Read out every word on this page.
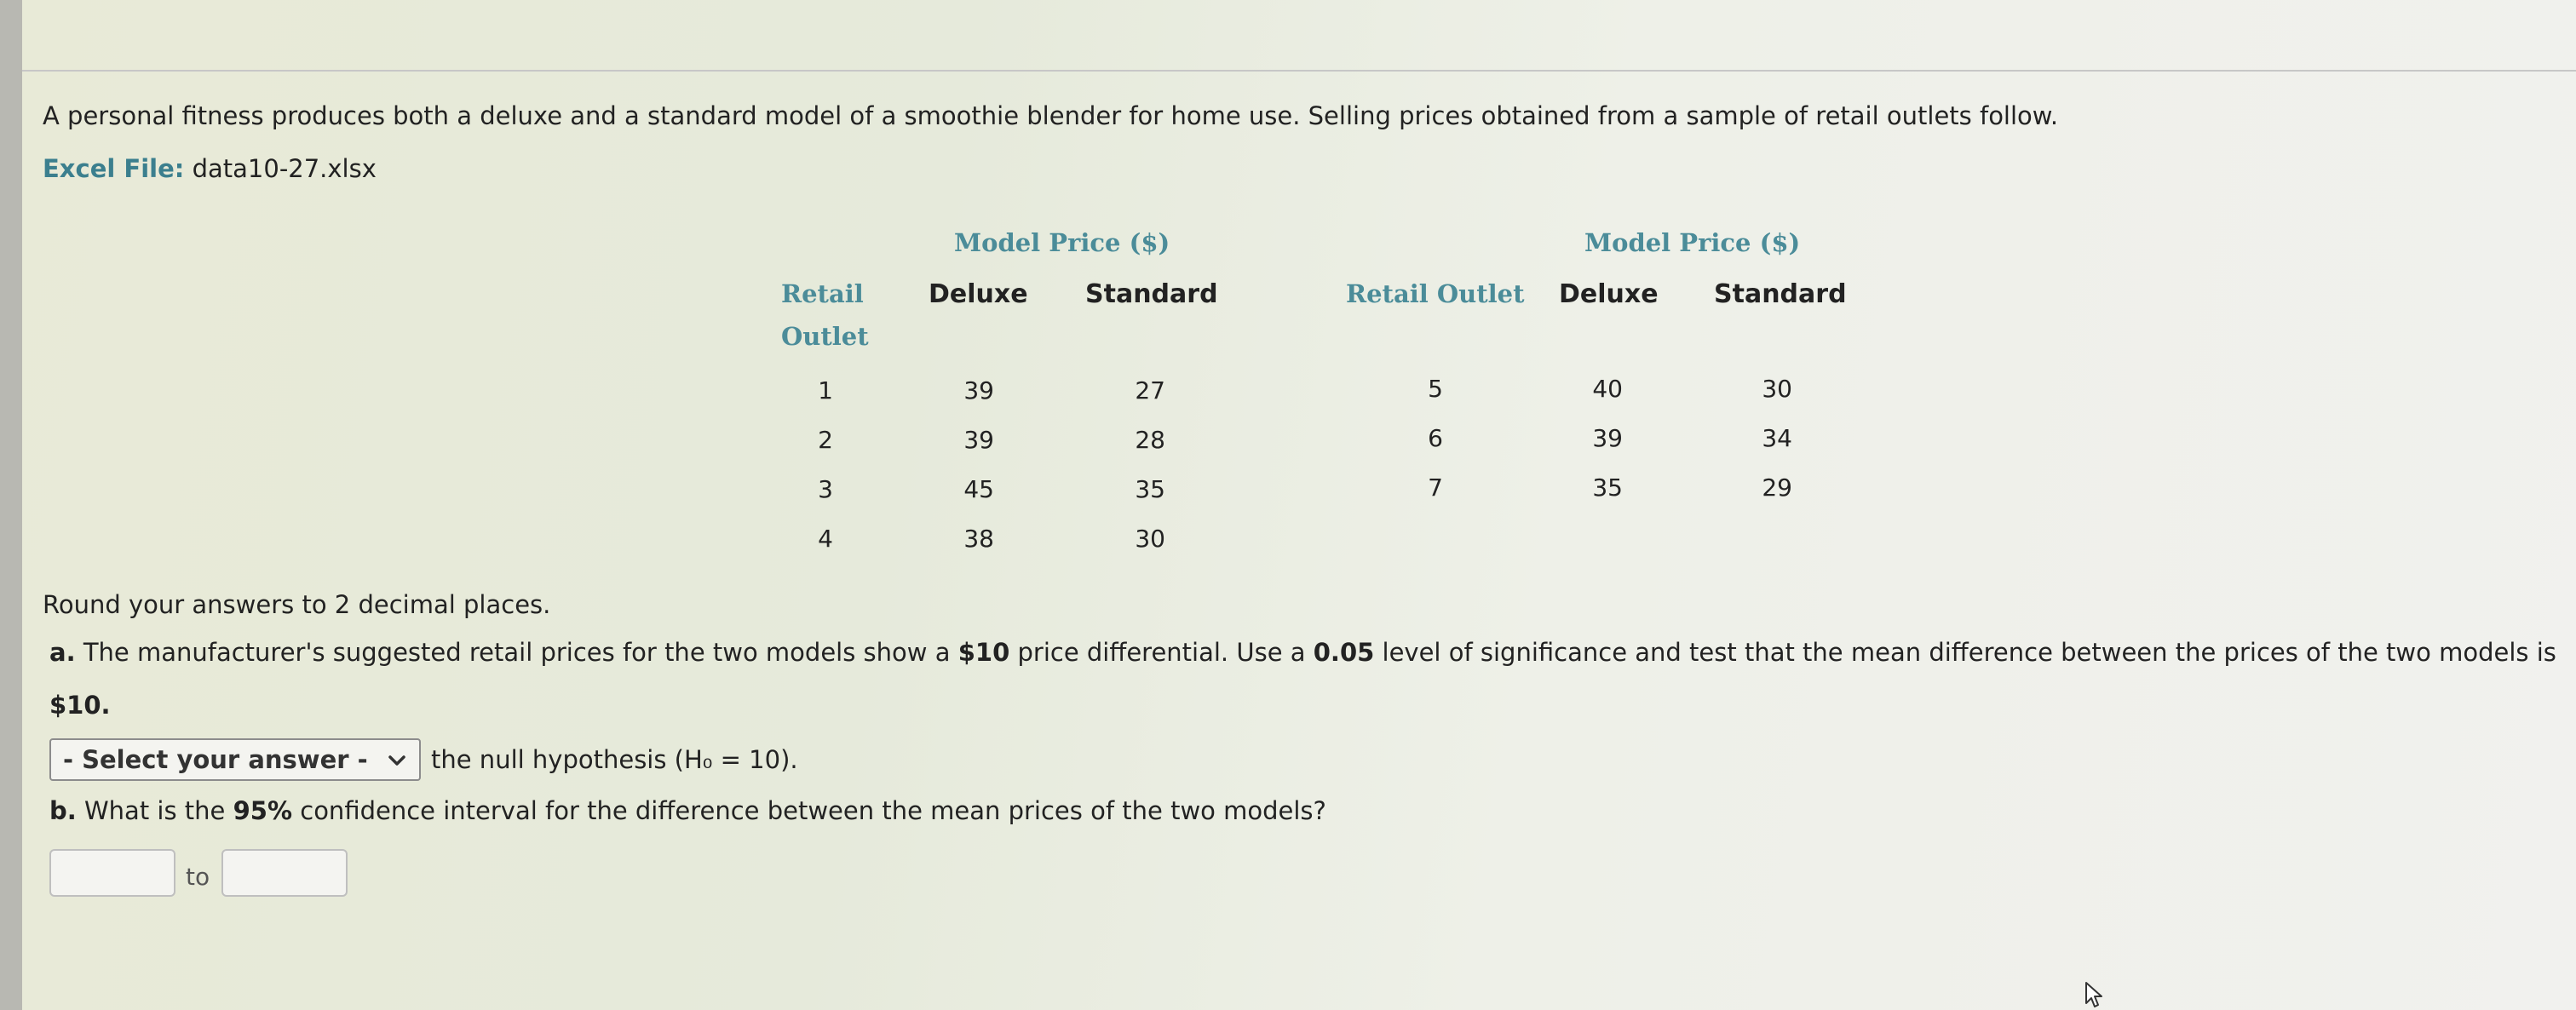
A personal fitness produces both a deluxe and a standard model of a smoothie blender for home use. Selling prices obtained from a sample of retail outlets follow.
Excel File: data10-27.xlsx
Model Price ($)
Retail
Outlet
Deluxe Standard
1	39	27
2	39	28
3	45	35
4	38	30
Model Price ($)
Retail Outlet Deluxe Standard
5	40	30
6	39	34
7	35	29
Round your answers to 2 decimal places.
a. The manufacturer's suggested retail prices for the two models show a $10 price differential. Use a 0.05 level of significance and test that the mean difference between the prices of the two models is
$10.
- Select your answer -	the null hypothesis (H₀ = 10).
b. What is the 95% confidence interval for the difference between the mean prices of the two models?
to
